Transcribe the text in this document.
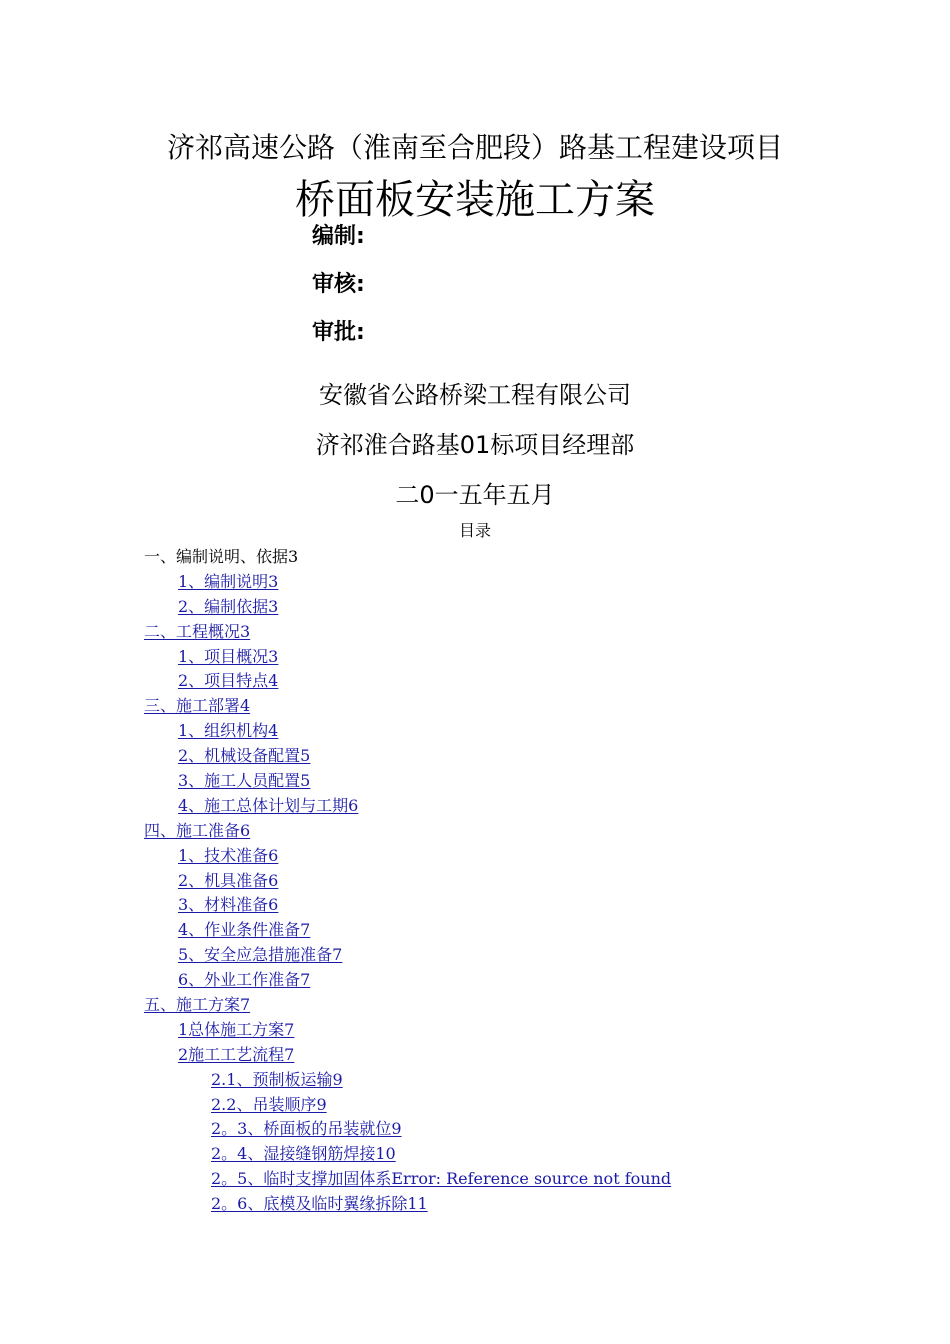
济祁高速公路（淮南至合肥段）路基工程建设项目
桥面板安装施工方案
编制:
审核:
审批:
安徽省公路桥梁工程有限公司
济祁淮合路基01标项目经理部
二0一五年五月
目录
一、编制说明、依据3
1、编制说明3
2、编制依据3
二、工程概况3
1、项目概况3
2、项目特点4
三、施工部署4
1、组织机构4
2、机械设备配置5
3、施工人员配置5
4、施工总体计划与工期6
四、施工准备6
1、技术准备6
2、机具准备6
3、材料准备6
4、作业条件准备7
5、安全应急措施准备7
6、外业工作准备7
五、施工方案7
1总体施工方案7
2施工工艺流程7
2.1、预制板运输9
2.2、吊装顺序9
2。3、桥面板的吊装就位9
2。4、湿接缝钢筋焊接10
2。5、临时支撑加固体系Error: Reference source not found
2。6、底模及临时翼缘拆除11
